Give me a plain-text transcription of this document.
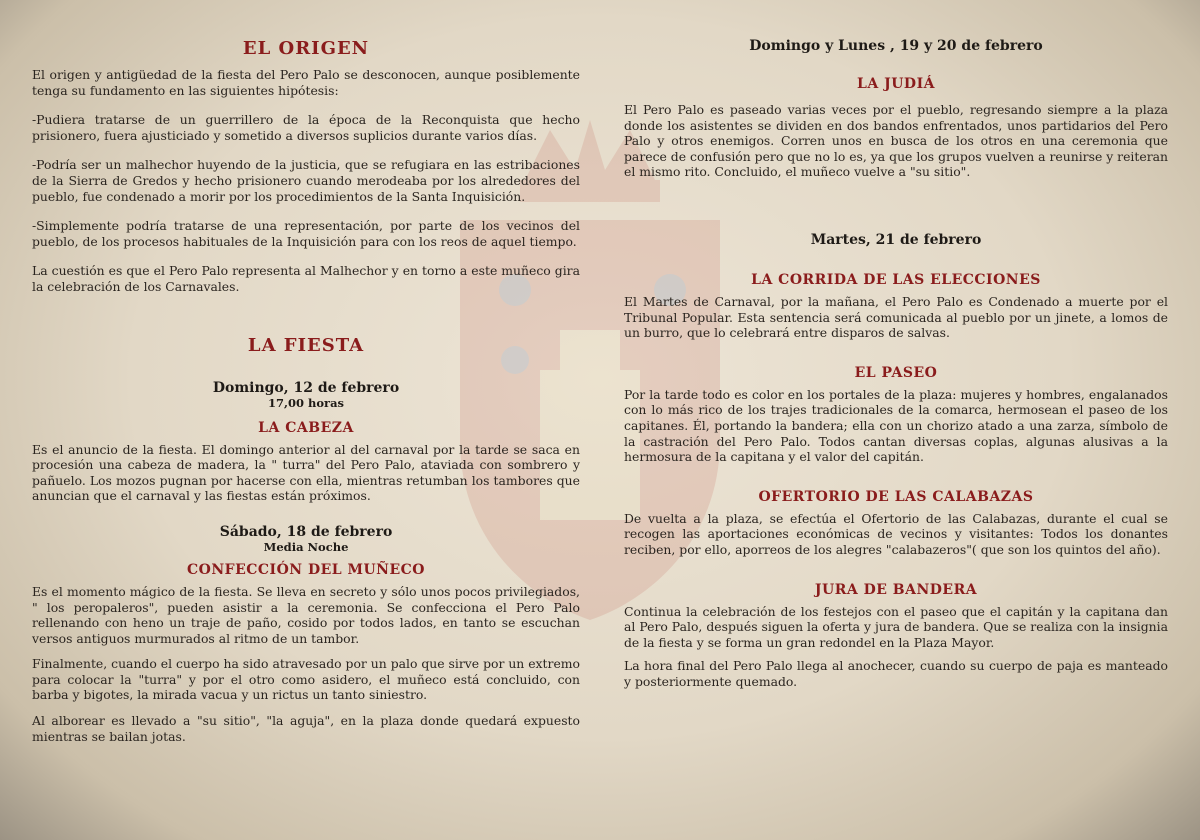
EL ORIGEN

El origen y antigüedad de la fiesta del Pero Palo se desconocen, aunque posiblemente tenga su fundamento en las siguientes hipótesis:

-Pudiera tratarse de un guerrillero de la época de la Reconquista que hecho prisionero, fuera ajusticiado y sometido a diversos suplicios durante varios días.

-Podría ser un malhechor huyendo de la justicia, que se refugiara en las estribaciones de la Sierra de Gredos y hecho prisionero cuando merodeaba por los alrededores del pueblo, fue condenado a morir por los procedimientos de la Santa Inquisición.

-Simplemente podría tratarse de una representación, por parte de los vecinos del pueblo, de los procesos habituales de la Inquisición para con los reos de aquel tiempo.

La cuestión es que el Pero Palo representa al Malhechor y en torno a este muñeco gira la celebración de los Carnavales.

LA FIESTA
Domingo, 12 de febrero
17,00 horas
LA CABEZA

Es el anuncio de la fiesta. El domingo anterior al del carnaval por la tarde se saca en procesión una cabeza de madera, la " turra" del Pero Palo, ataviada con sombrero y pañuelo. Los mozos pugnan por hacerse con ella, mientras retumban los tambores que anuncian que el carnaval y las fiestas están próximos.

Sábado, 18 de febrero
Media Noche
CONFECCIÓN DEL MUÑECO

Es el momento mágico de la fiesta. Se lleva en secreto y sólo unos pocos privilegiados, " los peropaleros", pueden asistir a la ceremonia. Se confecciona el Pero Palo rellenando con heno un traje de paño, cosido por todos lados, en tanto se escuchan versos antiguos murmurados al ritmo de un tambor.

Finalmente, cuando el cuerpo ha sido atravesado por un palo que sirve por un extremo para colocar la "turra" y por el otro como asidero, el muñeco está concluido, con barba y bigotes, la mirada vacua y un rictus un tanto siniestro.

Al alborear es llevado a "su sitio", "la aguja", en la plaza donde quedará expuesto mientras se bailan jotas.

Domingo y Lunes , 19 y 20 de febrero
LA JUDIÁ

El Pero Palo es paseado varias veces por el pueblo, regresando siempre a la plaza donde los asistentes se dividen en dos bandos enfrentados, unos partidarios del Pero Palo y otros enemigos. Corren unos en busca de los otros en una ceremonia que parece de confusión pero que no lo es, ya que los grupos vuelven a reunirse y reiteran el mismo rito. Concluido, el muñeco vuelve a "su sitio".

Martes, 21 de febrero
LA CORRIDA DE LAS ELECCIONES

El Martes de Carnaval, por la mañana, el Pero Palo es Condenado a muerte por el Tribunal Popular. Esta sentencia será comunicada al pueblo por un jinete, a lomos de un burro, que lo celebrará entre disparos de salvas.

EL PASEO

Por la tarde todo es color en los portales de la plaza: mujeres y hombres, engalanados con lo más rico de los trajes tradicionales de la comarca, hermosean el paseo de los capitanes. Él, portando la bandera; ella con un chorizo atado a una zarza, símbolo de la castración del Pero Palo. Todos cantan diversas coplas, algunas alusivas a la hermosura de la capitana y el valor del capitán.

OFERTORIO DE LAS CALABAZAS

De vuelta a la plaza, se efectúa el Ofertorio de las Calabazas, durante el cual se recogen las aportaciones económicas de vecinos y visitantes: Todos los donantes reciben, por ello, aporreos de los alegres "calabazeros"( que son los quintos del año).

JURA DE BANDERA

Continua la celebración de los festejos con el paseo que el capitán y la capitana dan al Pero Palo, después siguen la oferta y jura de bandera. Que se realiza con la insignia de la fiesta y se forma un gran redondel en la Plaza Mayor.

La hora final del Pero Palo llega al anochecer, cuando su cuerpo de paja es manteado y posteriormente quemado.
